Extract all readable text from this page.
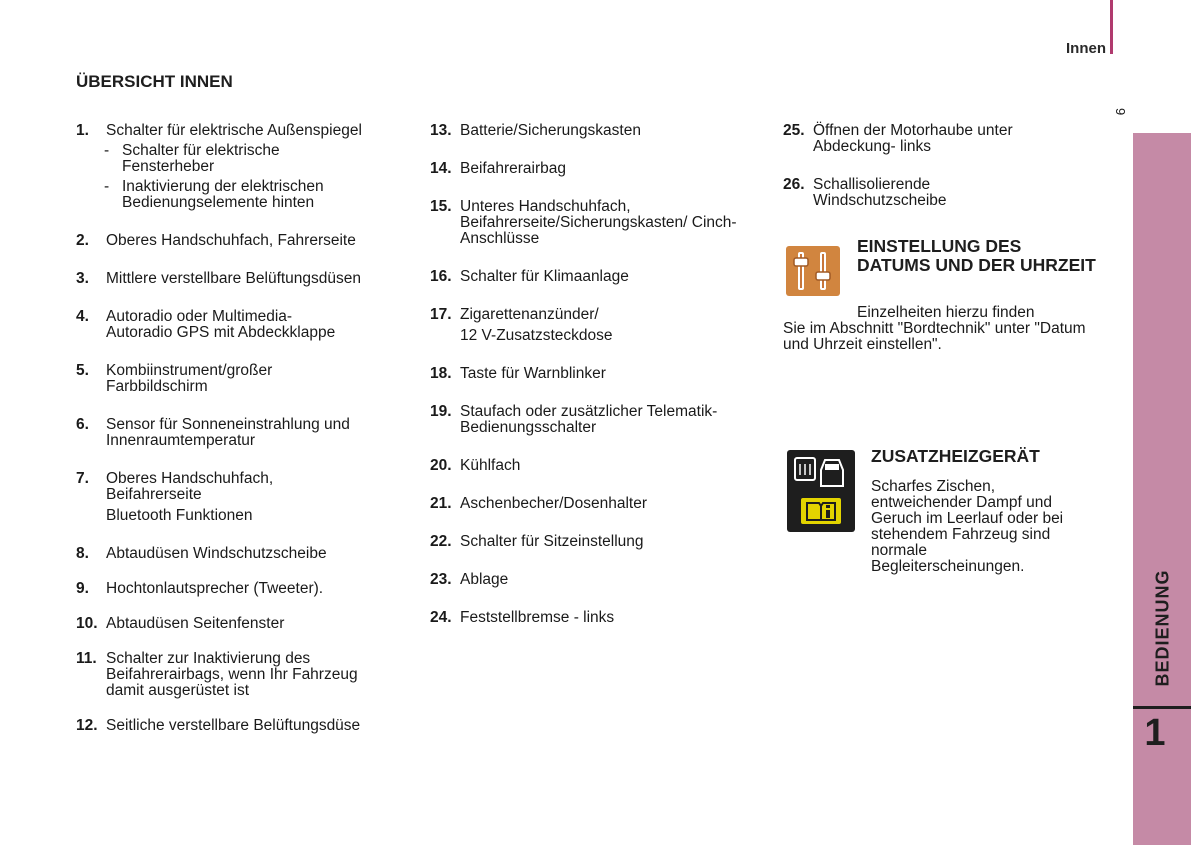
Innen
9
BEDIENUNG
1
ÜBERSICHT INNEN
1. Schalter für elektrische Außenspiegel
- Schalter für elektrische Fensterheber
- Inaktivierung der elektrischen Bedienungselemente hinten
2. Oberes Handschuhfach, Fahrerseite
3. Mittlere verstellbare Belüftungsdüsen
4. Autoradio oder Multimedia-Autoradio GPS mit Abdeckklappe
5. Kombiinstrument/großer Farbbildschirm
6. Sensor für Sonneneinstrahlung und Innenraumtemperatur
7. Oberes Handschuhfach, Beifahrerseite
Bluetooth Funktionen
8. Abtaudüsen Windschutzscheibe
9. Hochtonlautsprecher (Tweeter).
10. Abtaudüsen Seitenfenster
11. Schalter zur Inaktivierung des Beifahrerairbags, wenn Ihr Fahrzeug damit ausgerüstet ist
12. Seitliche verstellbare Belüftungsdüse
13. Batterie/Sicherungskasten
14. Beifahrerairbag
15. Unteres Handschuhfach, Beifahrerseite/Sicherungskasten/ Cinch-Anschlüsse
16. Schalter für Klimaanlage
17. Zigarettenanzünder/
12 V-Zusatzsteckdose
18. Taste für Warnblinker
19. Staufach oder zusätzlicher Telematik-Bedienungsschalter
20. Kühlfach
21. Aschenbecher/Dosenhalter
22. Schalter für Sitzeinstellung
23. Ablage
24. Feststellbremse - links
25. Öffnen der Motorhaube unter Abdeckung- links
26. Schallisolierende Windschutzscheibe
EINSTELLUNG DES DATUMS UND DER UHRZEIT
Einzelheiten hierzu finden
Sie im Abschnitt "Bordtechnik" unter "Datum und Uhrzeit einstellen".
ZUSATZHEIZGERÄT
Scharfes Zischen, entweichender Dampf und Geruch im Leerlauf oder bei stehendem Fahrzeug sind normale Begleiterscheinungen.
